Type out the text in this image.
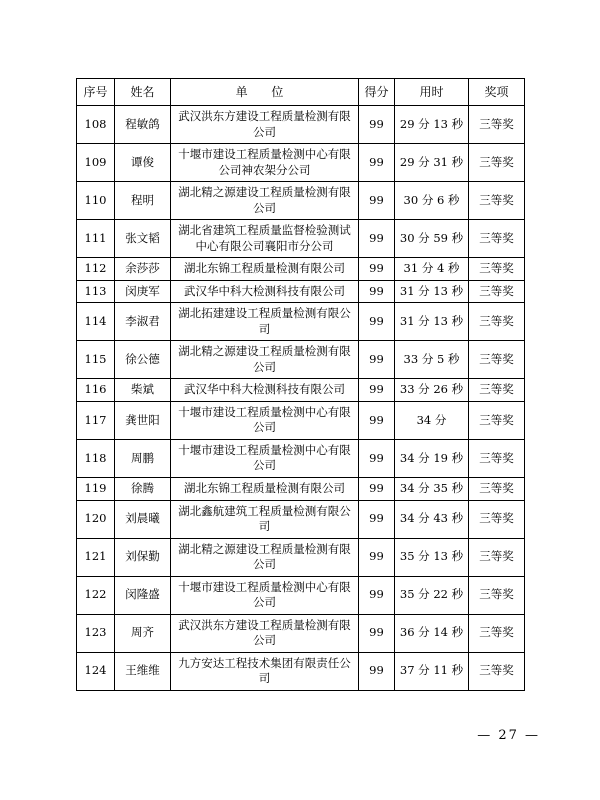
序号	姓名	单 位	得分	用时	奖项
108	程敏鸽	武汉洪东方建设工程质量检测有限公司	99	29 分 13 秒	三等奖
109	谭俊	十堰市建设工程质量检测中心有限公司神农架分公司	99	29 分 31 秒	三等奖
110	程明	湖北精之源建设工程质量检测有限公司	99	30 分 6 秒	三等奖
111	张文韬	湖北省建筑工程质量监督检验测试中心有限公司襄阳市分公司	99	30 分 59 秒	三等奖
112	余莎莎	湖北东锦工程质量检测有限公司	99	31 分 4 秒	三等奖
113	闵庚军	武汉华中科大检测科技有限公司	99	31 分 13 秒	三等奖
114	李淑君	湖北拓建建设工程质量检测有限公司	99	31 分 13 秒	三等奖
115	徐公德	湖北精之源建设工程质量检测有限公司	99	33 分 5 秒	三等奖
116	柴斌	武汉华中科大检测科技有限公司	99	33 分 26 秒	三等奖
117	龚世阳	十堰市建设工程质量检测中心有限公司	99	34 分	三等奖
118	周鹏	十堰市建设工程质量检测中心有限公司	99	34 分 19 秒	三等奖
119	徐腾	湖北东锦工程质量检测有限公司	99	34 分 35 秒	三等奖
120	刘晨曦	湖北鑫航建筑工程质量检测有限公司	99	34 分 43 秒	三等奖
121	刘保勤	湖北精之源建设工程质量检测有限公司	99	35 分 13 秒	三等奖
122	闵隆盛	十堰市建设工程质量检测中心有限公司	99	35 分 22 秒	三等奖
123	周齐	武汉洪东方建设工程质量检测有限公司	99	36 分 14 秒	三等奖
124	王维维	九方安达工程技术集团有限责任公司	99	37 分 11 秒	三等奖
— 27 —
